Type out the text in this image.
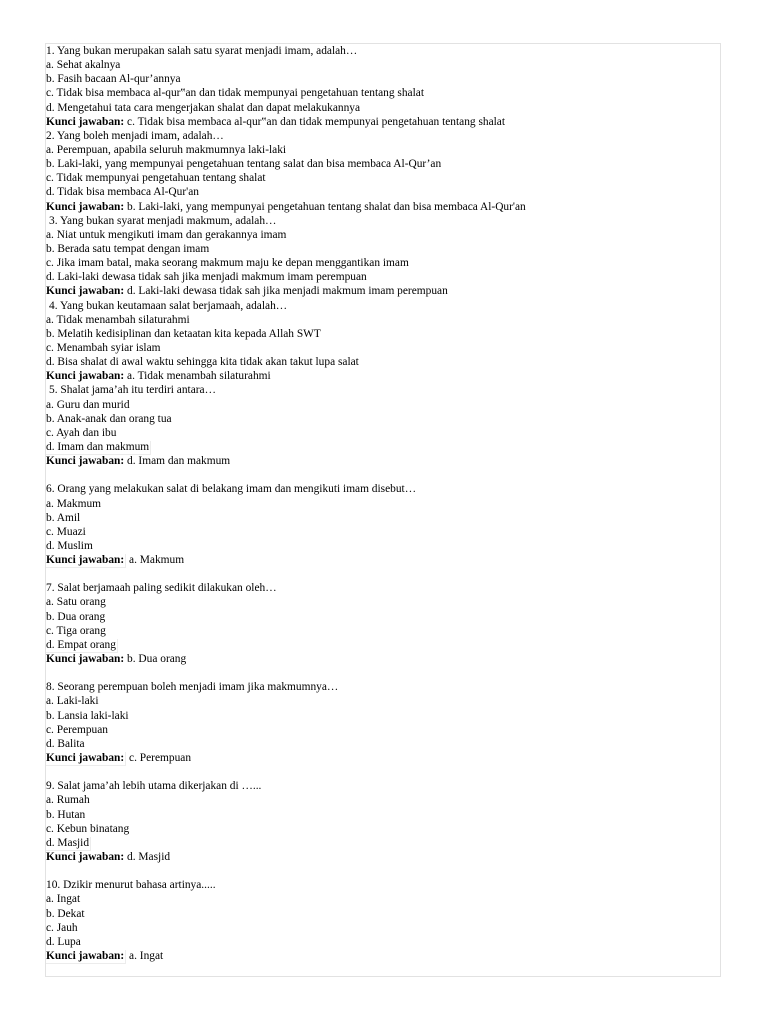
1. Yang bukan merupakan salah satu syarat menjadi imam, adalah…
a. Sehat akalnya
b. Fasih bacaan Al-qur’annya
c. Tidak bisa membaca al-qur‟an dan tidak mempunyai pengetahuan tentang shalat
d. Mengetahui tata cara mengerjakan shalat dan dapat melakukannya
Kunci jawaban: c. Tidak bisa membaca al-qur‟an dan tidak mempunyai pengetahuan tentang shalat
2. Yang boleh menjadi imam, adalah…
a. Perempuan, apabila seluruh makmumnya laki-laki
b. Laki-laki, yang mempunyai pengetahuan tentang salat dan bisa membaca Al-Qur’an
c. Tidak mempunyai pengetahuan tentang shalat
d. Tidak bisa membaca Al-Qur'an
Kunci jawaban: b. Laki-laki, yang mempunyai pengetahuan tentang shalat dan bisa membaca Al-Qur'an
3. Yang bukan syarat menjadi makmum, adalah…
a. Niat untuk mengikuti imam dan gerakannya imam
b. Berada satu tempat dengan imam
c. Jika imam batal, maka seorang makmum maju ke depan menggantikan imam
d. Laki-laki dewasa tidak sah jika menjadi makmum imam perempuan
Kunci jawaban: d. Laki-laki dewasa tidak sah jika menjadi makmum imam perempuan
4. Yang bukan keutamaan salat berjamaah, adalah…
a. Tidak menambah silaturahmi
b. Melatih kedisiplinan dan ketaatan kita kepada Allah SWT
c. Menambah syiar islam
d. Bisa shalat di awal waktu sehingga kita tidak akan takut lupa salat
Kunci jawaban: a. Tidak menambah silaturahmi
5. Shalat jama’ah itu terdiri antara…
a. Guru dan murid
b. Anak-anak dan orang tua
c. Ayah dan ibu
d. Imam dan makmum
Kunci jawaban: d. Imam dan makmum
6. Orang yang melakukan salat di belakang imam dan mengikuti imam disebut…
a. Makmum
b. Amil
c. Muazi
d. Muslim
Kunci jawaban: a. Makmum
7. Salat berjamaah paling sedikit dilakukan oleh…
a. Satu orang
b. Dua orang
c. Tiga orang
d. Empat orang
Kunci jawaban: b. Dua orang
8. Seorang perempuan boleh menjadi imam jika makmumnya…
a. Laki-laki
b. Lansia laki-laki
c. Perempuan
d. Balita
Kunci jawaban: c. Perempuan
9. Salat jama’ah lebih utama dikerjakan di …...
a. Rumah
b. Hutan
c. Kebun binatang
d. Masjid
Kunci jawaban: d. Masjid
10. Dzikir menurut bahasa artinya.....
a. Ingat
b. Dekat
c. Jauh
d. Lupa
Kunci jawaban: a. Ingat
